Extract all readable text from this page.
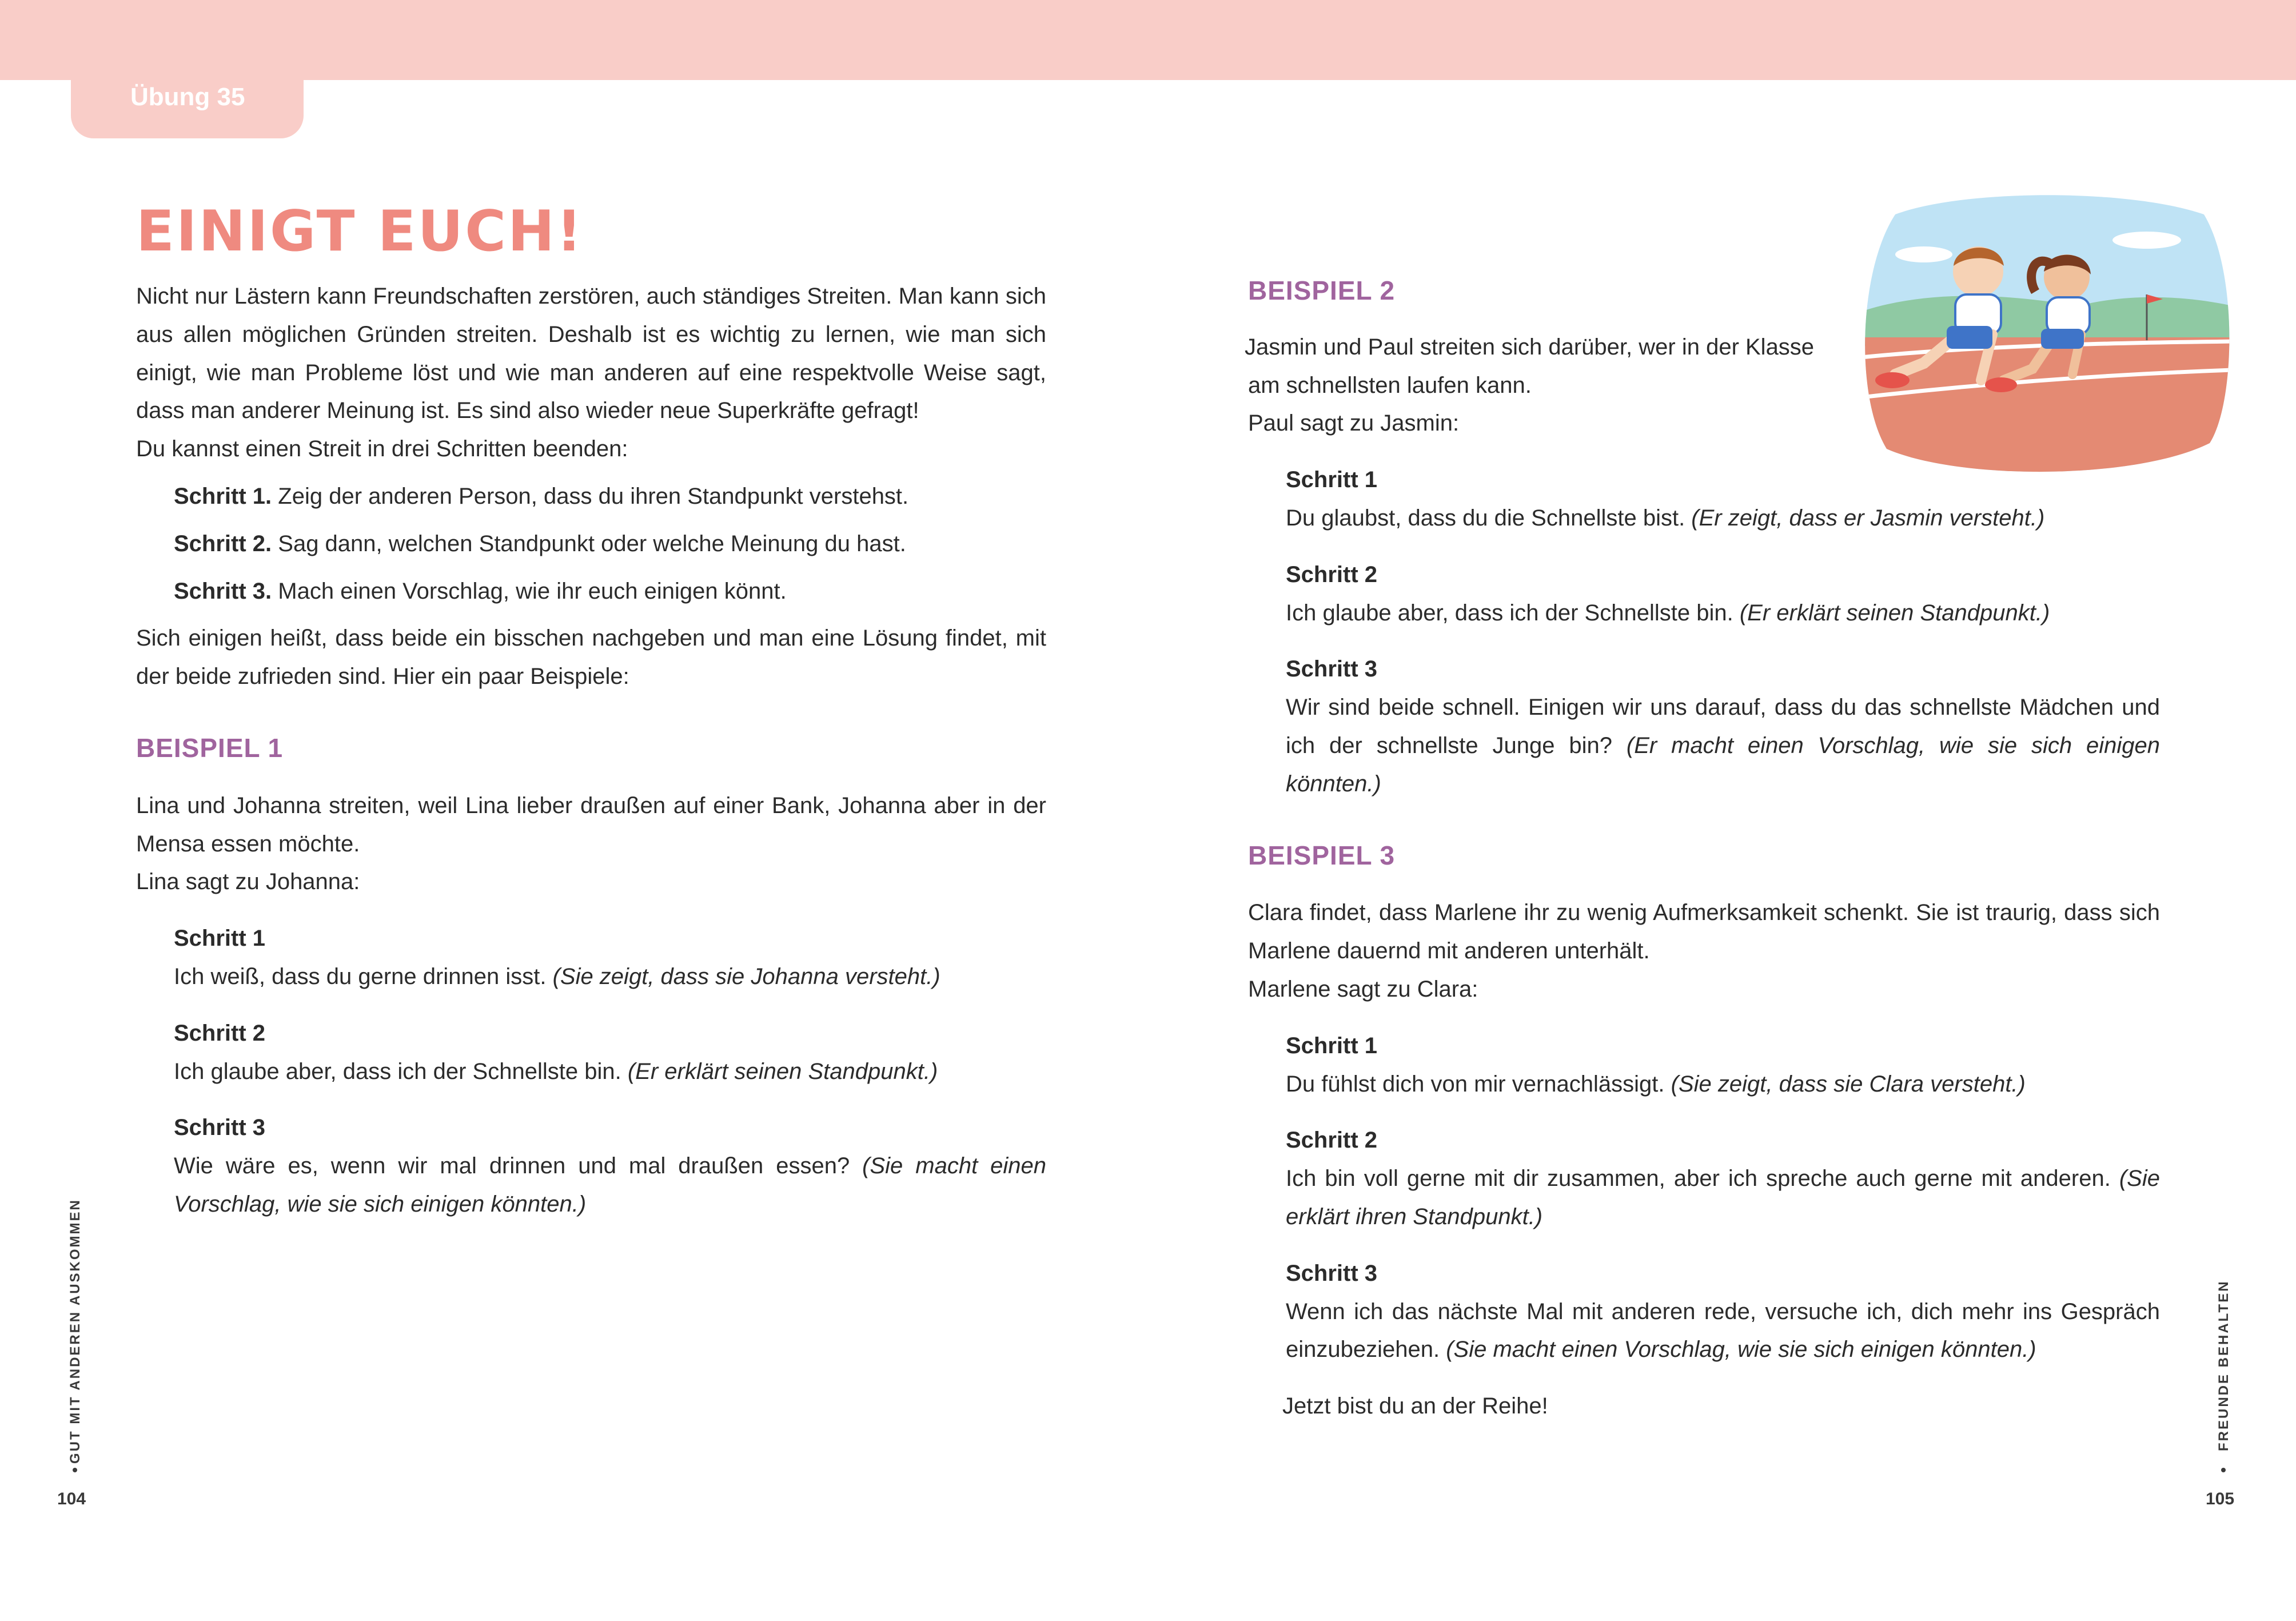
Übung 35
EINIGT EUCH!

Nicht nur Lästern kann Freundschaften zerstören, auch ständiges Streiten. Man kann sich aus allen möglichen Gründen streiten. Deshalb ist es wichtig zu lernen, wie man sich einigt, wie man Probleme löst und wie man anderen auf eine respektvolle Weise sagt, dass man anderer Meinung ist. Es sind also wieder neue Superkräfte gefragt!

Du kannst einen Streit in drei Schritten beenden:

Schritt 1. Zeig der anderen Person, dass du ihren Standpunkt verstehst.

Schritt 2. Sag dann, welchen Standpunkt oder welche Meinung du hast.

Schritt 3. Mach einen Vorschlag, wie ihr euch einigen könnt.

Sich einigen heißt, dass beide ein bisschen nachgeben und man eine Lösung findet, mit der beide zufrieden sind. Hier ein paar Beispiele:

BEISPIEL 1

Lina und Johanna streiten, weil Lina lieber draußen auf einer Bank, Johanna aber in der Mensa essen möchte.

Lina sagt zu Johanna:

Schritt 1

Ich weiß, dass du gerne drinnen isst. (Sie zeigt, dass sie Johanna versteht.)

Schritt 2

Ich glaube aber, dass ich der Schnellste bin. (Er erklärt seinen Standpunkt.)

Schritt 3

Wie wäre es, wenn wir mal drinnen und mal draußen essen? (Sie macht einen Vorschlag, wie sie sich einigen könnten.)

GUT MIT ANDEREN AUSKOMMEN
104

BEISPIEL 2

Jasmin und Paul streiten sich darüber, wer in der Klasse

am schnellsten laufen kann.

Paul sagt zu Jasmin:

Schritt 1

Du glaubst, dass du die Schnellste bist. (Er zeigt, dass er Jasmin versteht.)

Schritt 2

Ich glaube aber, dass ich der Schnellste bin. (Er erklärt seinen Standpunkt.)

Schritt 3

Wir sind beide schnell. Einigen wir uns darauf, dass du das schnellste Mädchen und ich der schnellste Junge bin? (Er macht einen Vorschlag, wie sie sich einigen könnten.)

BEISPIEL 3

Clara findet, dass Marlene ihr zu wenig Aufmerksamkeit schenkt. Sie ist traurig, dass sich Marlene dauernd mit anderen unterhält.

Marlene sagt zu Clara:

Schritt 1

Du fühlst dich von mir vernachlässigt. (Sie zeigt, dass sie Clara versteht.)

Schritt 2

Ich bin voll gerne mit dir zusammen, aber ich spreche auch gerne mit anderen. (Sie erklärt ihren Standpunkt.)

Schritt 3

Wenn ich das nächste Mal mit anderen rede, versuche ich, dich mehr ins Gespräch einzubeziehen. (Sie macht einen Vorschlag, wie sie sich einigen könnten.)

Jetzt bist du an der Reihe!	FREUNDE BEHALTEN
105
